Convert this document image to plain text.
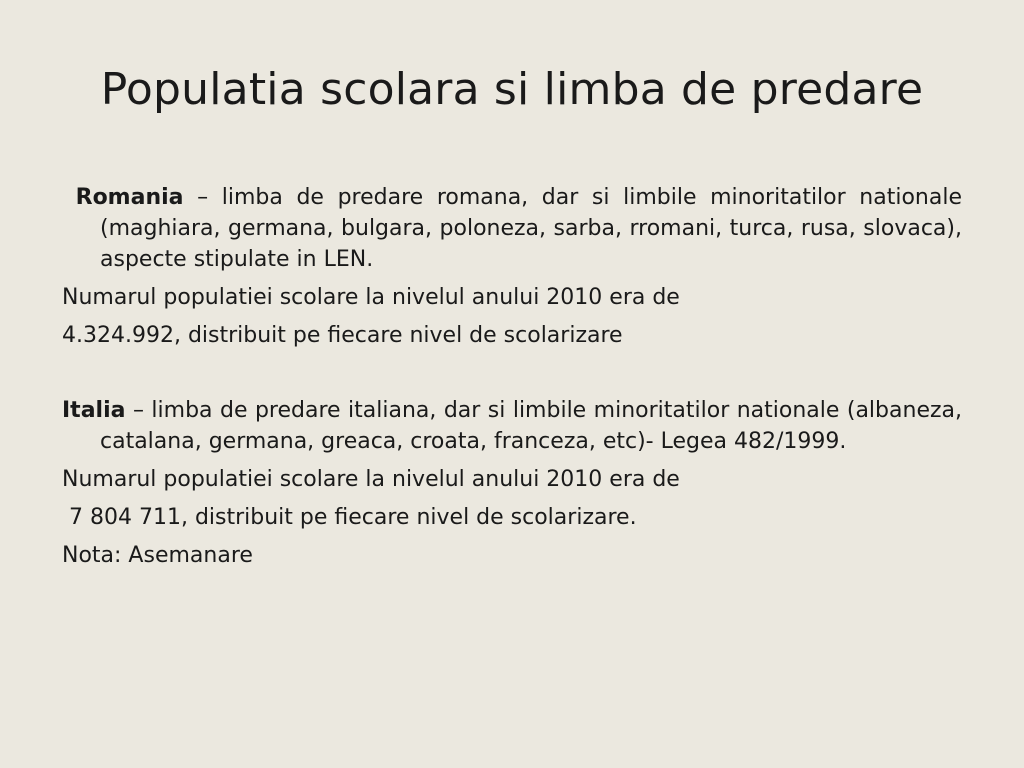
Populatia scolara si limba de predare

Romania – limba de predare romana, dar si limbile minoritatilor nationale (maghiara, germana, bulgara, poloneza, sarba, rromani, turca, rusa, slovaca), aspecte stipulate in LEN.

Numarul populatiei scolare la nivelul anului 2010 era de

4.324.992, distribuit pe fiecare nivel de scolarizare

Italia – limba de predare italiana, dar si limbile minoritatilor nationale (albaneza, catalana, germana, greaca, croata, franceza, etc)- Legea 482/1999.

Numarul populatiei scolare la nivelul anului 2010 era de

7 804 711, distribuit pe fiecare nivel de scolarizare.

Nota: Asemanare
